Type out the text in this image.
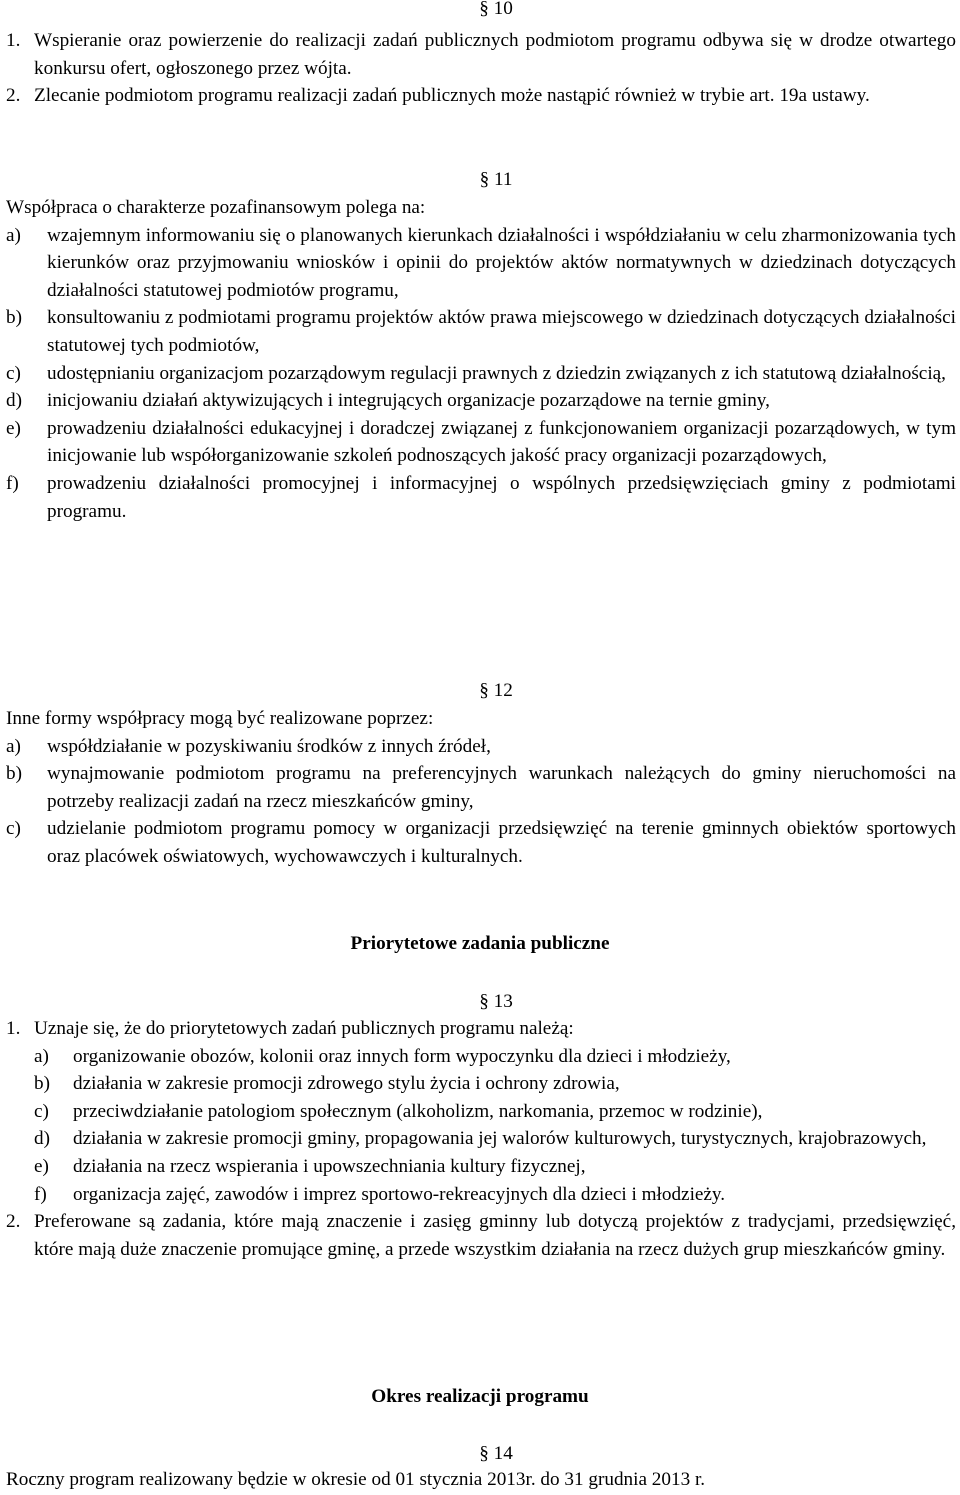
§ 10
1. Wspieranie oraz powierzenie do realizacji zadań publicznych podmiotom programu odbywa się w drodze otwartego konkursu ofert, ogłoszonego przez wójta.
2. Zlecanie podmiotom programu realizacji zadań publicznych może nastąpić również w trybie art. 19a ustawy.
§ 11
Współpraca o charakterze pozafinansowym polega na:
a)	wzajemnym informowaniu się o planowanych kierunkach działalności i współdziałaniu w celu zharmonizowania tych kierunków oraz przyjmowaniu wniosków i opinii do projektów aktów normatywnych w dziedzinach dotyczących działalności statutowej podmiotów programu,
b)	konsultowaniu z podmiotami programu projektów aktów prawa miejscowego w dziedzinach dotyczących działalności statutowej tych podmiotów,
c)	udostępnianiu organizacjom pozarządowym regulacji prawnych z dziedzin związanych z ich statutową działalnością,
d)	inicjowaniu działań aktywizujących i integrujących organizacje pozarządowe na ternie gminy,
e)	prowadzeniu działalności edukacyjnej i doradczej związanej z funkcjonowaniem organizacji pozarządowych, w tym inicjowanie lub współorganizowanie szkoleń podnoszących jakość pracy organizacji pozarządowych,
f)	prowadzeniu działalności promocyjnej i informacyjnej o wspólnych przedsięwzięciach gminy z podmiotami programu.
§ 12
Inne formy współpracy mogą być realizowane poprzez:
a)	współdziałanie w pozyskiwaniu środków z innych źródeł,
b)	wynajmowanie podmiotom programu na preferencyjnych warunkach należących do gminy nieruchomości na potrzeby realizacji zadań na rzecz mieszkańców gminy,
c)	udzielanie podmiotom programu pomocy w organizacji przedsięwzięć na terenie gminnych obiektów sportowych oraz placówek oświatowych, wychowawczych i kulturalnych.
Priorytetowe zadania publiczne
§ 13
1. Uznaje się, że do priorytetowych zadań publicznych programu należą:
a)	organizowanie obozów, kolonii oraz innych form wypoczynku dla dzieci i młodzieży,
b)	działania w zakresie promocji zdrowego stylu życia i ochrony zdrowia,
c)	przeciwdziałanie patologiom społecznym (alkoholizm, narkomania, przemoc w rodzinie),
d)	działania w zakresie promocji gminy, propagowania jej walorów kulturowych, turystycznych, krajobrazowych,
e)	działania na rzecz wspierania i upowszechniania kultury fizycznej,
f)	organizacja zajęć, zawodów i imprez sportowo-rekreacyjnych dla dzieci i młodzieży.
2. Preferowane są zadania, które mają znaczenie i zasięg gminny lub dotyczą projektów z tradycjami, przedsięwzięć, które mają duże znaczenie promujące gminę, a przede wszystkim działania na rzecz dużych grup mieszkańców gminy.
Okres realizacji programu
§ 14
Roczny program realizowany będzie w okresie od 01 stycznia 2013r. do 31 grudnia 2013 r.
